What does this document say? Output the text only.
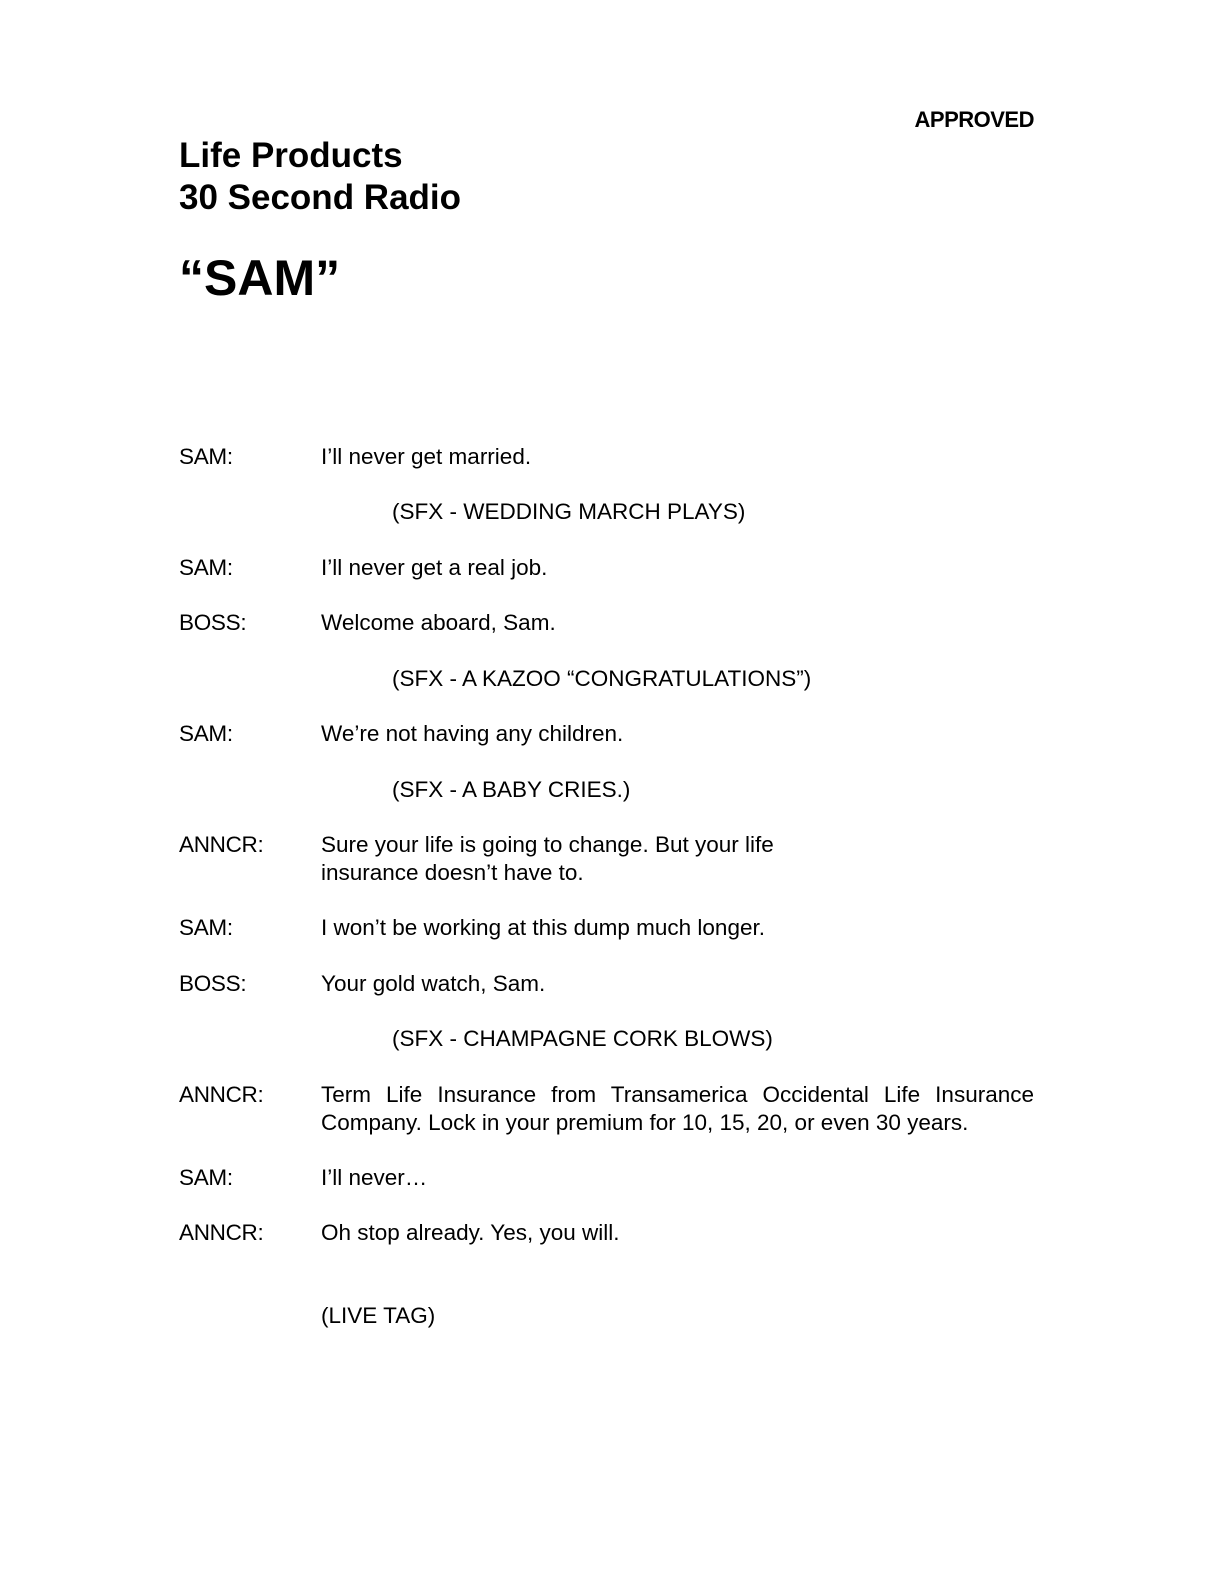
APPROVED
Life Products
30 Second Radio
“SAM”
SAM:	I’ll never get married.
(SFX - WEDDING MARCH PLAYS)
SAM:	I’ll never get a real job.
BOSS:	Welcome aboard, Sam.
(SFX - A KAZOO “CONGRATULATIONS”)
SAM:	We’re not having any children.
(SFX - A BABY CRIES.)
ANNCR:	Sure your life is going to change. But your life
insurance doesn’t have to.
SAM:	I won’t be working at this dump much longer.
BOSS:	Your gold watch, Sam.
(SFX - CHAMPAGNE CORK BLOWS)
ANNCR:	Term Life Insurance from Transamerica Occidental Life Insurance
Company. Lock in your premium for 10, 15, 20, or even 30 years.
SAM:	I’ll never…
ANNCR:	Oh stop already. Yes, you will.
(LIVE TAG)
